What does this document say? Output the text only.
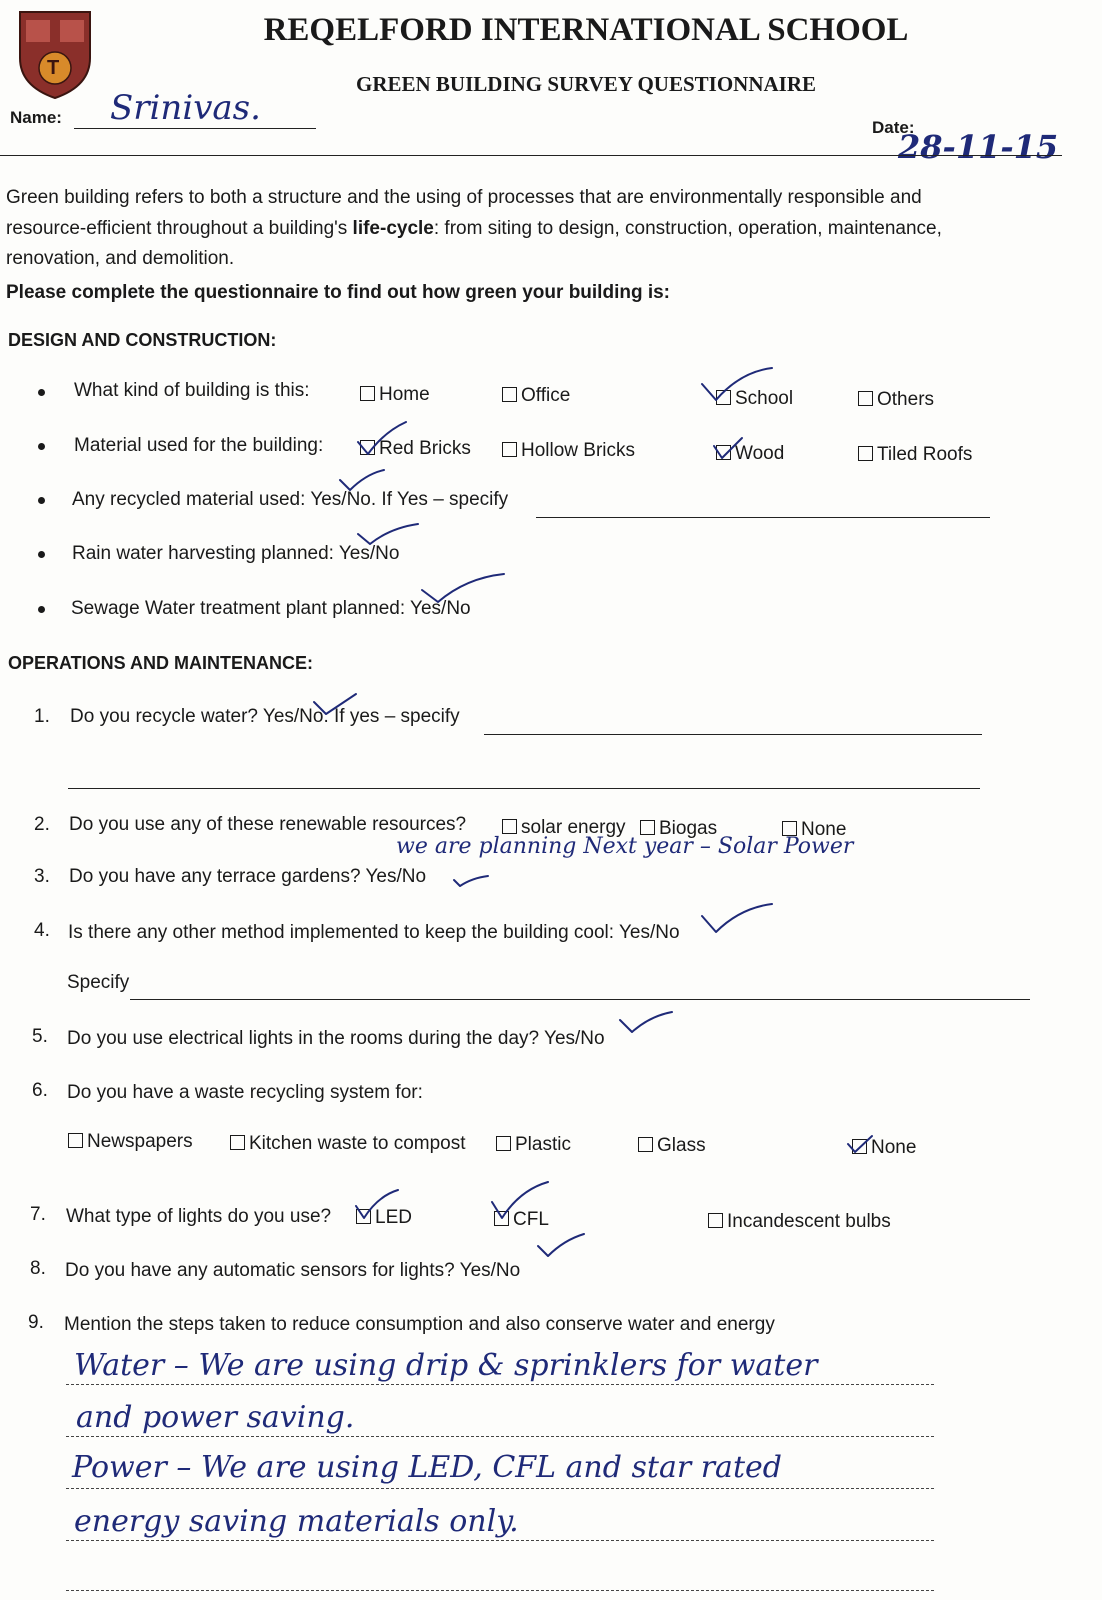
T
REQELFORD INTERNATIONAL SCHOOL
GREEN BUILDING SURVEY QUESTIONNAIRE
Name: Srinivas.	Date:
28-11-15
Green building refers to both a structure and the using of processes that are environmentally responsible and
resource-efficient throughout a building's life-cycle: from siting to design, construction, operation, maintenance,
renovation, and demolition.
Please complete the questionnaire to find out how green your building is:
DESIGN AND CONSTRUCTION:
What kind of building is this:	Home	Office	School	Others
Material used for the building:	Red Bricks	Hollow Bricks	Wood	Tiled Roofs
Any recycled material used: Yes/No. If Yes – specify
Rain water harvesting planned: Yes/No
Sewage Water treatment plant planned: Yes/No
OPERATIONS AND MAINTENANCE:
1. Do you recycle water? Yes/No. If yes – specify
2. Do you use any of these renewable resources?	solar energy	Biogas	None
we are planning Next year – Solar Power
3. Do you have any terrace gardens? Yes/No
4. Is there any other method implemented to keep the building cool: Yes/No
Specify
5. Do you use electrical lights in the rooms during the day? Yes/No
6. Do you have a waste recycling system for:
Newspapers	Kitchen waste to compost	Plastic	Glass	None
7. What type of lights do you use?	LED	CFL	Incandescent bulbs
8. Do you have any automatic sensors for lights? Yes/No
9. Mention the steps taken to reduce consumption and also conserve water and energy
Water – We are using drip & sprinklers for water
and power saving.
Power – We are using LED, CFL and star rated
energy saving materials only.
